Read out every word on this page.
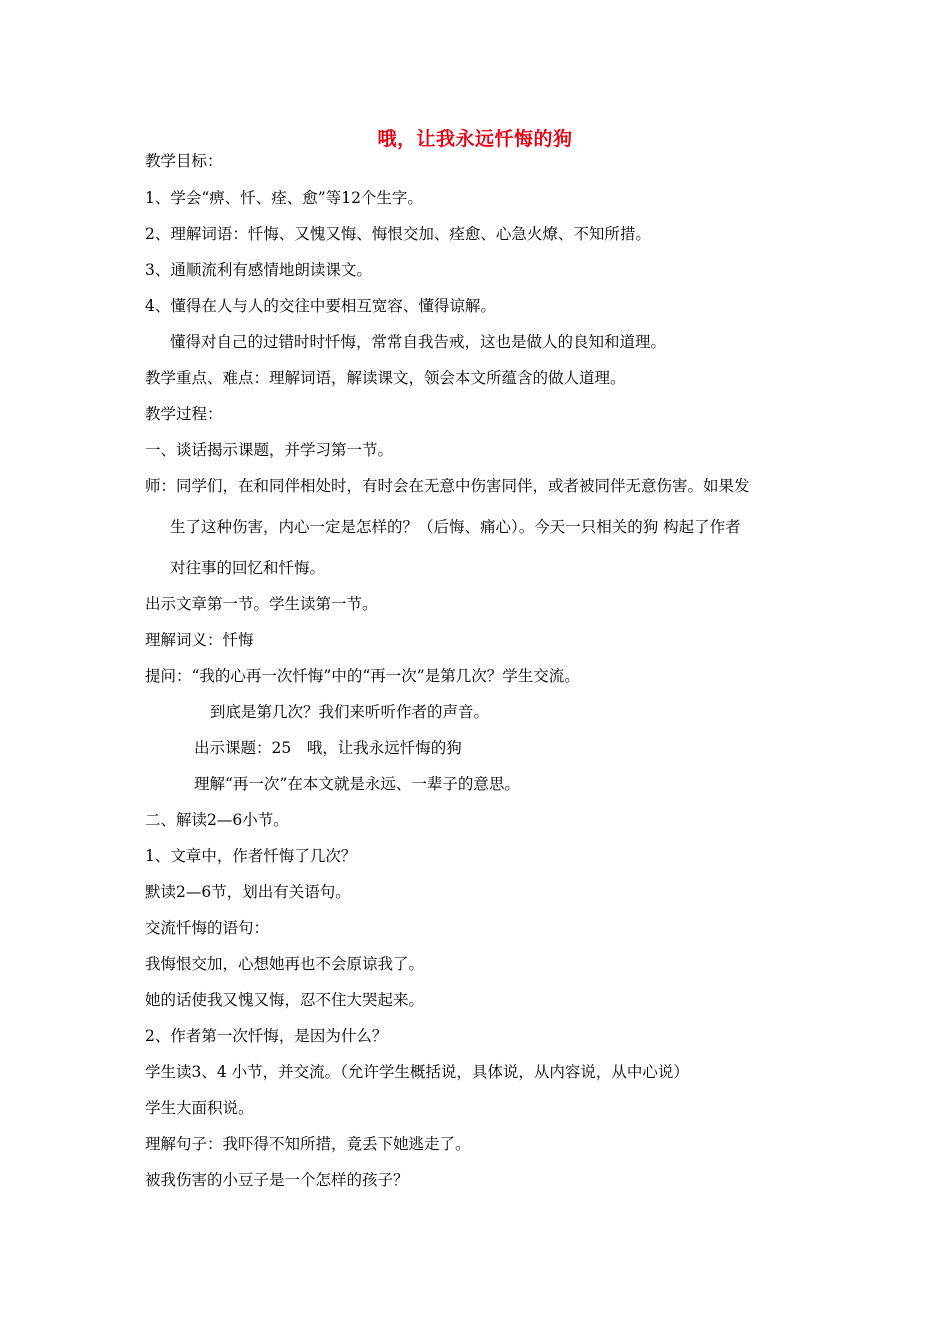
哦，让我永远忏悔的狗
教学目标：
1、学会“痹、忏、痊、愈”等12个生字。
2、理解词语：忏悔、又愧又悔、悔恨交加、痊愈、心急火燎、不知所措。
3、通顺流利有感情地朗读课文。
4、懂得在人与人的交往中要相互宽容、懂得谅解。
懂得对自己的过错时时忏悔，常常自我告戒，这也是做人的良知和道理。
教学重点、难点：理解词语，解读课文，领会本文所蕴含的做人道理。
教学过程：
一、谈话揭示课题，并学习第一节。
师：同学们，在和同伴相处时，有时会在无意中伤害同伴，或者被同伴无意伤害。如果发
生了这种伤害，内心一定是怎样的？（后悔、痛心）。今天一只相关的狗 构起了作者
对往事的回忆和忏悔。
出示文章第一节。学生读第一节。
理解词义：忏悔
提问：“我的心再一次忏悔”中的“再一次”是第几次？学生交流。
到底是第几次？我们来听听作者的声音。
出示课题：25　哦，让我永远忏悔的狗
理解“再一次”在本文就是永远、一辈子的意思。
二、解读2—6小节。
1、文章中，作者忏悔了几次？
默读2—6节，划出有关语句。
交流忏悔的语句：
我悔恨交加，心想她再也不会原谅我了。
她的话使我又愧又悔，忍不住大哭起来。
2、作者第一次忏悔，是因为什么？
学生读3、4 小节，并交流。（允许学生概括说，具体说，从内容说，从中心说）
学生大面积说。
理解句子：我吓得不知所措，竟丢下她逃走了。
被我伤害的小豆子是一个怎样的孩子？
